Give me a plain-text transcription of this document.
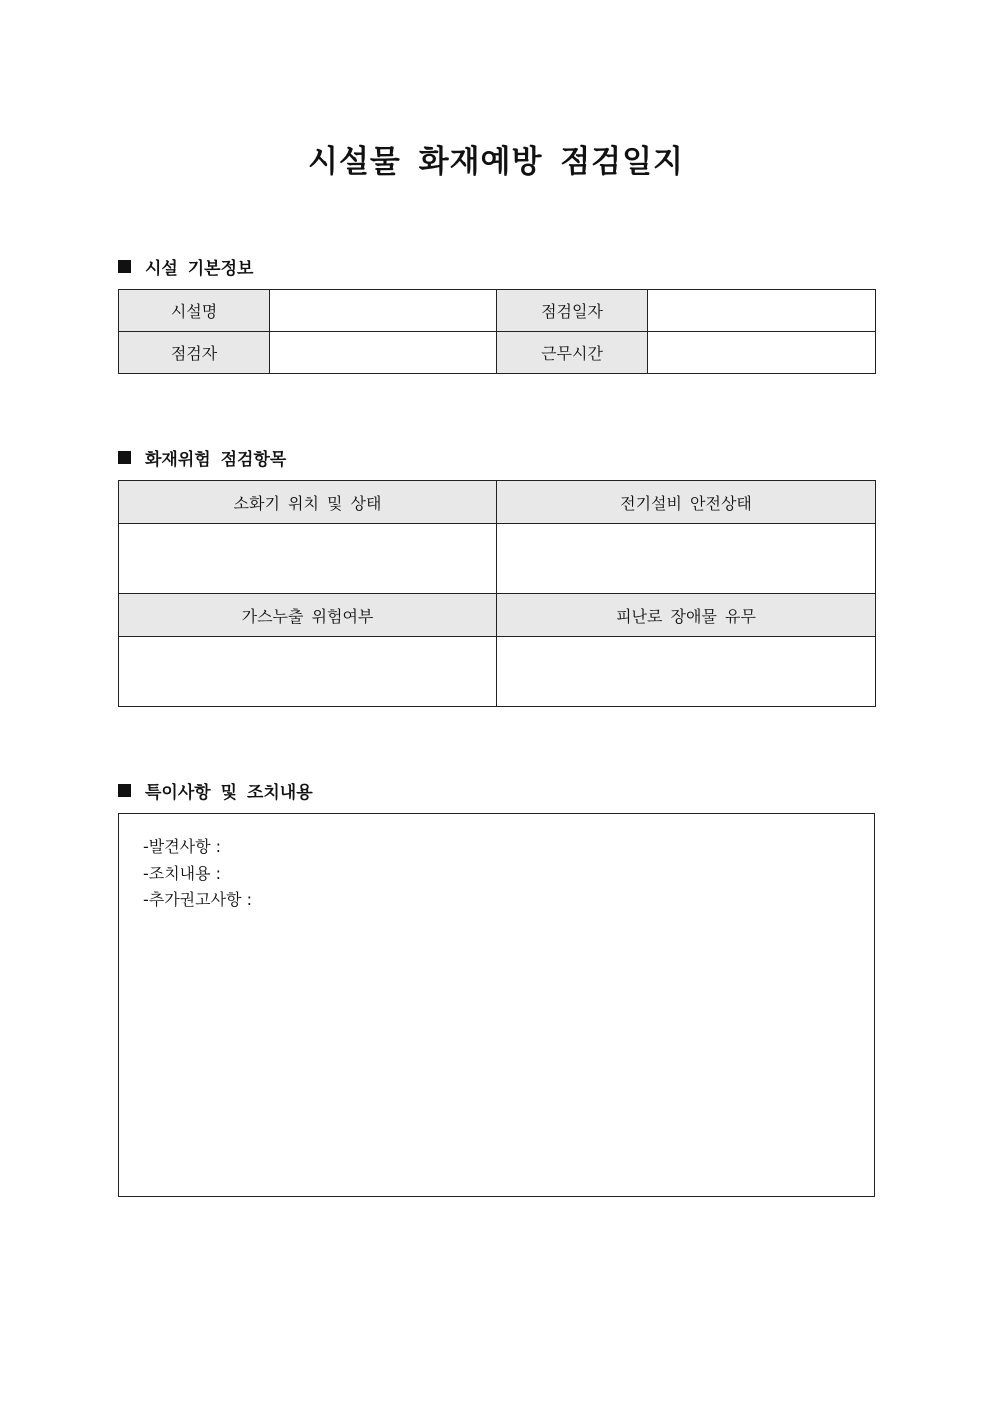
시설물 화재예방 점검일지
시설 기본정보
시설명		점검일자	
점검자		근무시간	
화재위험 점검항목
소화기 위치 및 상태	전기설비 안전상태

가스누출 위험여부	피난로 장애물 유무

특이사항 및 조치내용
-발견사항 :
-조치내용 :
-추가권고사항 :
